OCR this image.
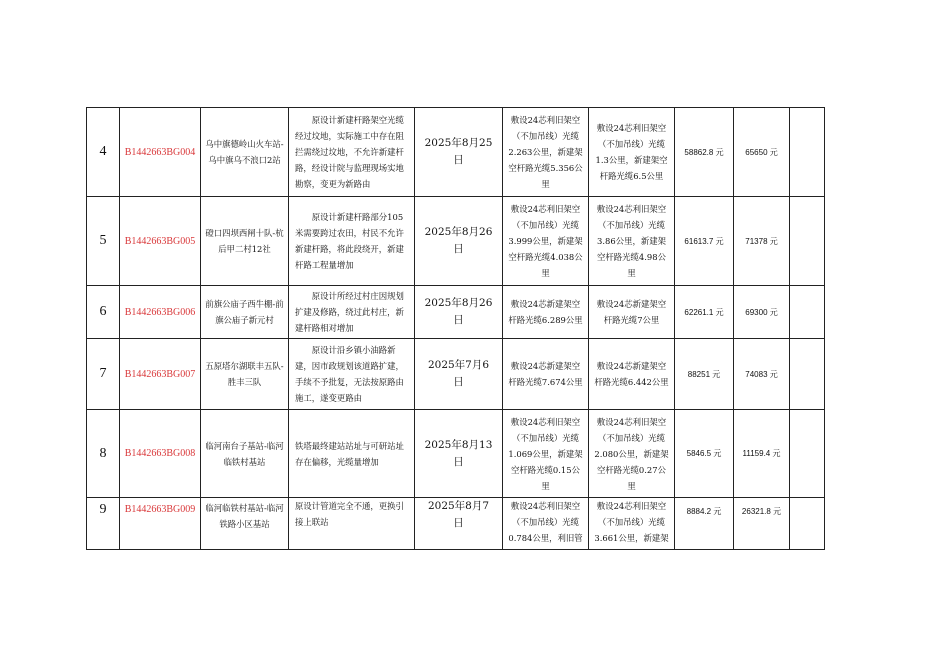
4	B1442663BG004	乌中旗德岭山火车站-乌中旗乌不浪口2站	原设计新建杆路架空光缆经过坟地，实际施工中存在阻拦需绕过坟地，不允许新建杆路，经设计院与监理现场实地勘察，变更为新路由	2025年8月25日	敷设24芯利旧架空（不加吊线）光缆2.263公里，新建架空杆路光缆5.356公里	敷设24芯利旧架空（不加吊线）光缆1.3公里，新建架空杆路光缆6.5公里	58862.8 元	65650 元	
5	B1442663BG005	磴口四坝西闸十队-杭后甲二村12社	原设计新建杆路部分105米需要跨过农田，村民不允许新建杆路，将此段绕开，新建杆路工程量增加	2025年8月26日	敷设24芯利旧架空（不加吊线）光缆3.999公里，新建架空杆路光缆4.038公里	敷设24芯利旧架空（不加吊线）光缆3.86公里，新建架空杆路光缆4.98公里	61613.7 元	71378 元	
6	B1442663BG006	前旗公庙子西牛棚-前旗公庙子新元村	原设计所经过村庄因规划扩建及修路，绕过此村庄，新建杆路相对增加	2025年8月26日	敷设24芯新建架空杆路光缆6.289公里	敷设24芯新建架空杆路光缆7公里	62261.1 元	69300 元	
7	B1442663BG007	五原塔尔湖联丰五队-胜丰三队	原设计沿乡镇小油路新建，因市政规划该道路扩建，手续不予批复，无法按原路由施工，遂变更路由	2025年7月6日	敷设24芯新建架空杆路光缆7.674公里	敷设24芯新建架空杆路光缆6.442公里	88251 元	74083 元	
8	B1442663BG008	临河南台子基站-临河临铁村基站	铁塔最终建站站址与可研站址存在偏移，光缆量增加	2025年8月13日	敷设24芯利旧架空（不加吊线）光缆1.069公里，新建架空杆路光缆0.15公里	敷设24芯利旧架空（不加吊线）光缆2.080公里，新建架空杆路光缆0.27公里	5846.5 元	11159.4 元	
9	B1442663BG009	临河临铁村基站-临河铁路小区基站	原设计管道完全不通，更换引接上联站	2025年8月7日	敷设24芯利旧架空（不加吊线）光缆0.784公里，利旧管	敷设24芯利旧架空（不加吊线）光缆3.661公里，新建架	8884.2 元	26321.8 元	
